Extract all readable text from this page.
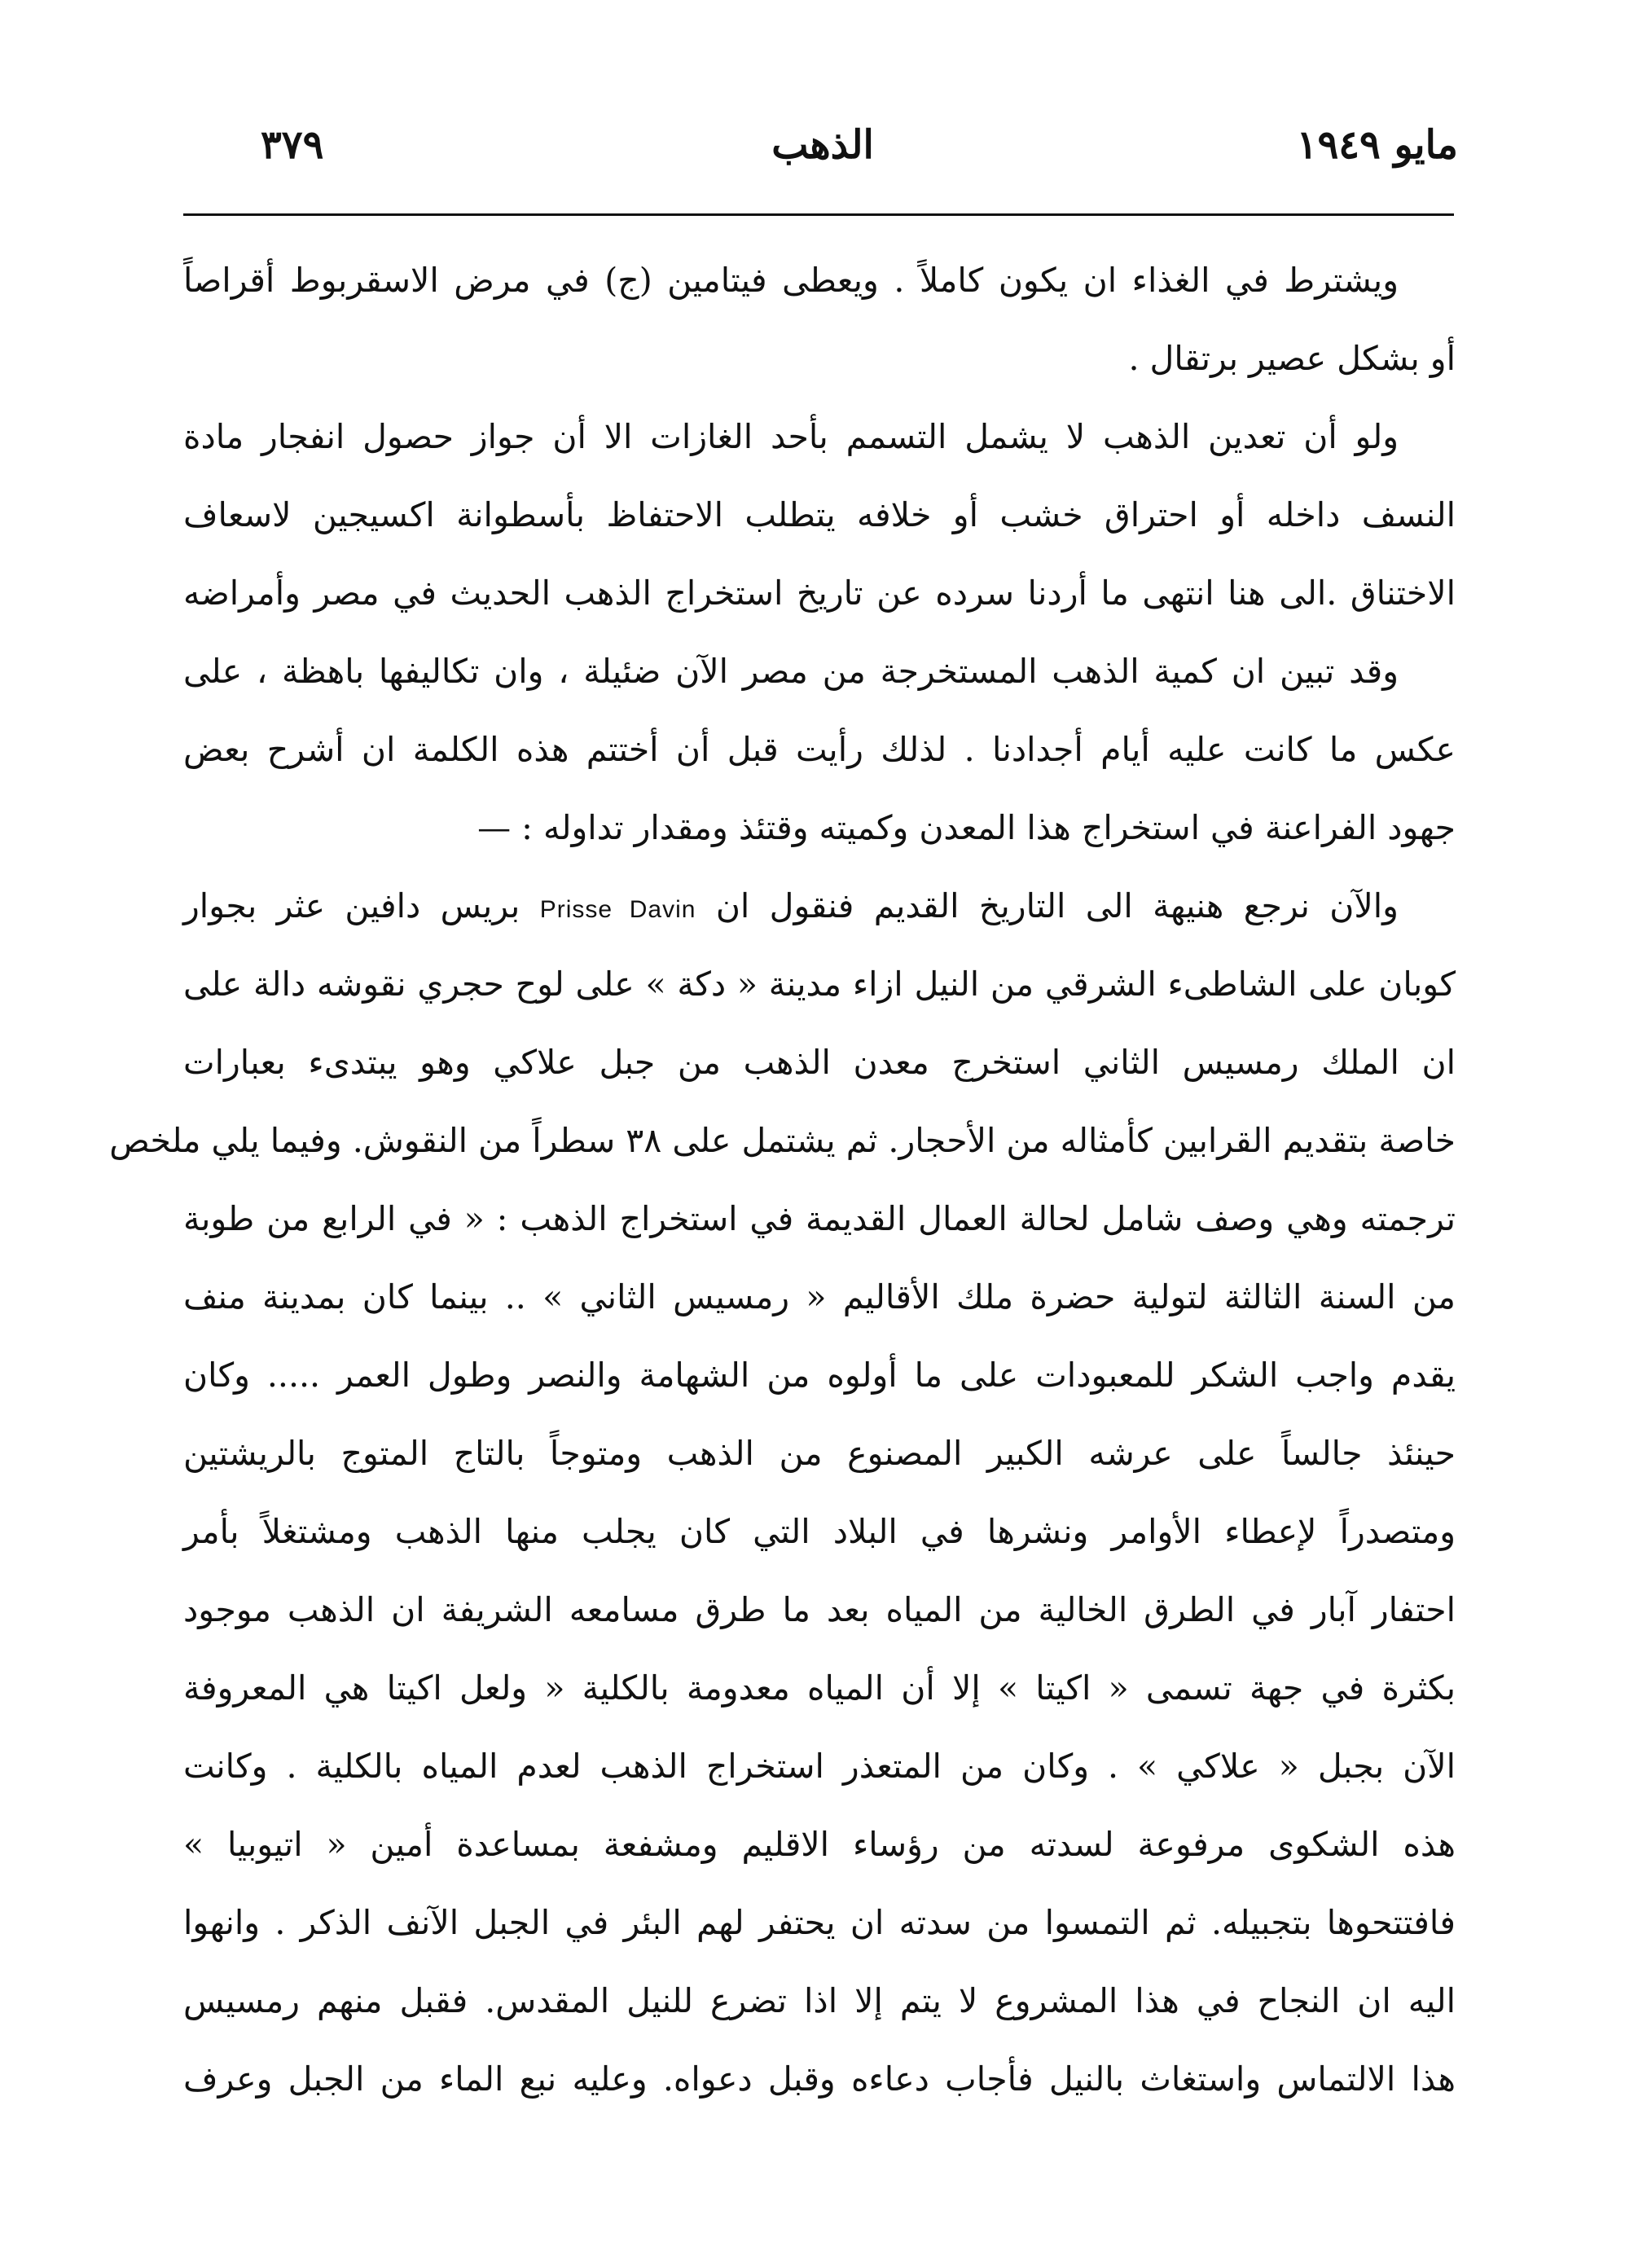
مايو ١٩٤٩
الذهب
٣٧٩
ويشترط في الغذاء ان يكون كاملاً . ويعطى فيتامين (ج) في مرض الاسقربوط أقراصاً
أو بشكل عصير برتقال .
ولو أن تعدين الذهب لا يشمل التسمم بأحد الغازات الا أن جواز حصول انفجار مادة
النسف داخله أو احتراق خشب أو خلافه يتطلب الاحتفاظ بأسطوانة اكسيجين لاسعاف
الاختناق .الى هنا انتهى ما أردنا سرده عن تاريخ استخراج الذهب الحديث في مصر وأمراضه
وقد تبين ان كمية الذهب المستخرجة من مصر الآن ضئيلة ، وان تكاليفها باهظة ، على
عكس ما كانت عليه أيام أجدادنا . لذلك رأيت قبل أن أختتم هذه الكلمة ان أشرح بعض
جهود الفراعنة في استخراج هذا المعدن وكميته وقتئذ ومقدار تداوله : —
والآن نرجع هنيهة الى التاريخ القديم فنقول ان Prisse Davin بريس دافين عثر بجوار
كوبان على الشاطىء الشرقي من النيل ازاء مدينة « دكة » على لوح حجري نقوشه دالة على
ان الملك رمسيس الثاني استخرج معدن الذهب من جبل علاكي وهو يبتدىء بعبارات
خاصة بتقديم القرابين كأمثاله من الأحجار. ثم يشتمل على ٣٨ سطراً من النقوش. وفيما يلي ملخص
ترجمته وهي وصف شامل لحالة العمال القديمة في استخراج الذهب : « في الرابع من طوبة
من السنة الثالثة لتولية حضرة ملك الأقاليم « رمسيس الثاني » .. بينما كان بمدينة منف
يقدم واجب الشكر للمعبودات على ما أولوه من الشهامة والنصر وطول العمر ..... وكان
حينئذ جالساً على عرشه الكبير المصنوع من الذهب ومتوجاً بالتاج المتوج بالريشتين
ومتصدراً لإعطاء الأوامر ونشرها في البلاد التي كان يجلب منها الذهب ومشتغلاً بأمر
احتفار آبار في الطرق الخالية من المياه بعد ما طرق مسامعه الشريفة ان الذهب موجود
بكثرة في جهة تسمى « اكيتا » إلا أن المياه معدومة بالكلية « ولعل اكيتا هي المعروفة
الآن بجبل « علاكي » . وكان من المتعذر استخراج الذهب لعدم المياه بالكلية . وكانت
هذه الشكوى مرفوعة لسدته من رؤساء الاقليم ومشفعة بمساعدة أمين « اتيوبيا »
فافتتحوها بتجبيله. ثم التمسوا من سدته ان يحتفر لهم البئر في الجبل الآنف الذكر . وانهوا
اليه ان النجاح في هذا المشروع لا يتم إلا اذا تضرع للنيل المقدس. فقبل منهم رمسيس
هذا الالتماس واستغاث بالنيل فأجاب دعاءه وقبل دعواه. وعليه نبع الماء من الجبل وعرف
